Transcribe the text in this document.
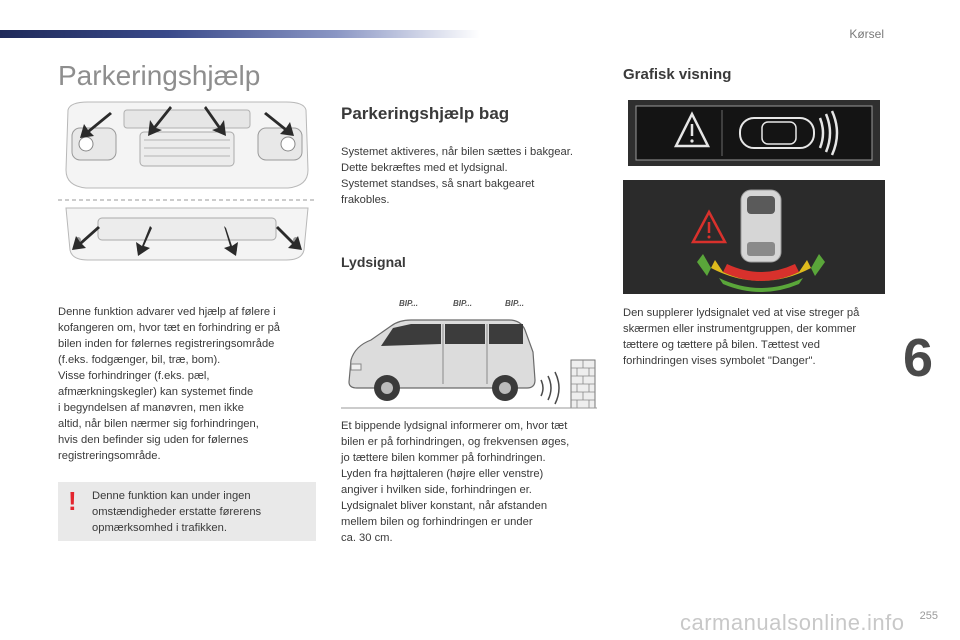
Kørsel
Parkeringshjælp

Denne funktion advarer ved hjælp af følere i
kofangeren om, hvor tæt en forhindring er på
bilen inden for følernes registreringsområde
(f.eks. fodgænger, bil, træ, bom).
Visse forhindringer (f.eks. pæl,
afmærkningskegler) kan systemet finde
i begyndelsen af manøvren, men ikke
altid, når bilen nærmer sig forhindringen,
hvis den befinder sig uden for følernes
registreringsområde.

! Denne funktion kan under ingen
omstændigheder erstatte førerens
opmærksomhed i trafikken.

Parkeringshjælp bag

Systemet aktiveres, når bilen sættes i bakgear.
Dette bekræftes med et lydsignal.
Systemet standses, så snart bakgearet
frakobles.

Lydsignal
BIP...	BIP...	BIP...

Et bippende lydsignal informerer om, hvor tæt
bilen er på forhindringen, og frekvensen øges,
jo tættere bilen kommer på forhindringen.
Lyden fra højttaleren (højre eller venstre)
angiver i hvilken side, forhindringen er.
Lydsignalet bliver konstant, når afstanden
mellem bilen og forhindringen er under
ca. 30 cm.

Grafisk visning

Den supplerer lydsignalet ved at vise streger på
skærmen eller instrumentgruppen, der kommer
tættere og tættere på bilen. Tættest ved
forhindringen vises symbolet "Danger".	6
carmanualsonline.info 255
